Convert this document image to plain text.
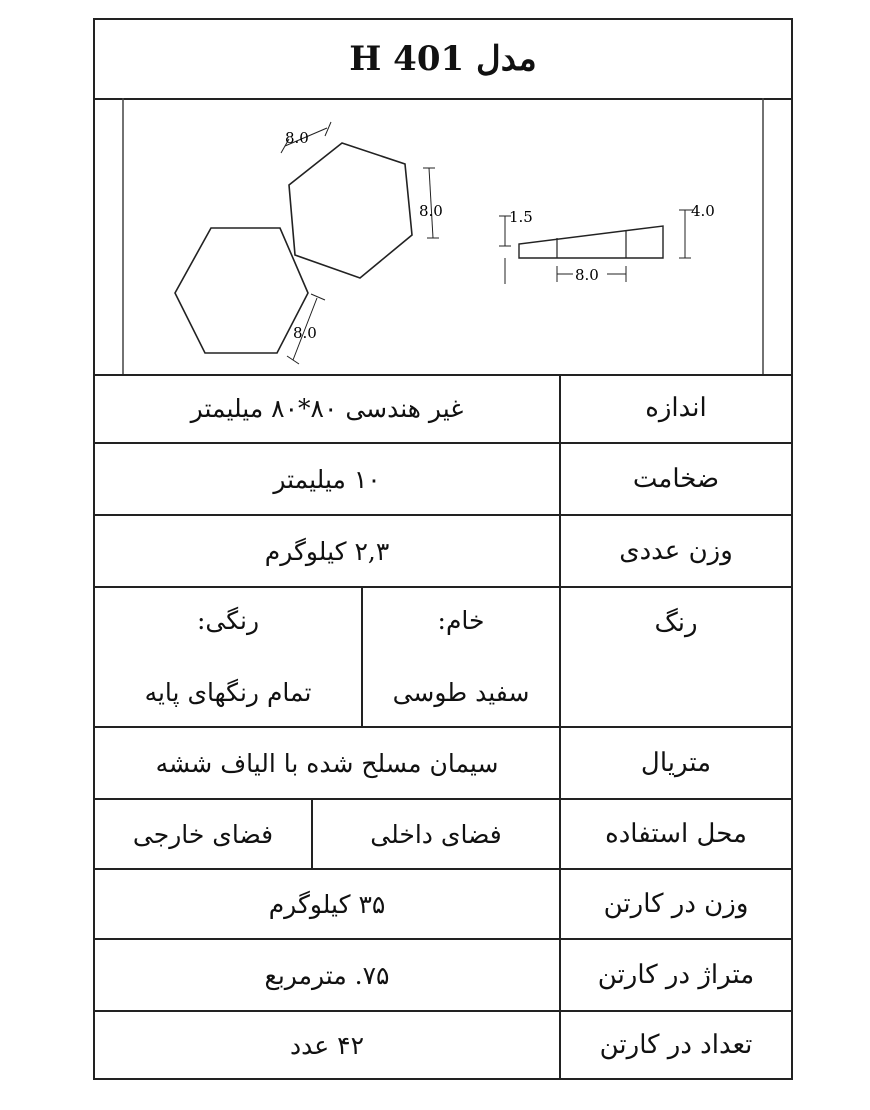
مدل H 401
8.0
8.0
8.0
1.5	4.0
8.0
اندازه
غیر هندسی ۸۰*۸۰ میلیمتر
ضخامت
۱۰ میلیمتر
وزن عددی
۲,۳ کیلوگرم
رنگ
خام:
سفید طوسی
رنگی:
تمام رنگهای پایه
متریال
سیمان مسلح شده با الیاف ششه
محل استفاده
فضای داخلی
فضای خارجی
وزن در کارتن
۳۵ کیلوگرم
متراژ در کارتن
۷۵. مترمربع
تعداد در کارتن
۴۲ عدد
